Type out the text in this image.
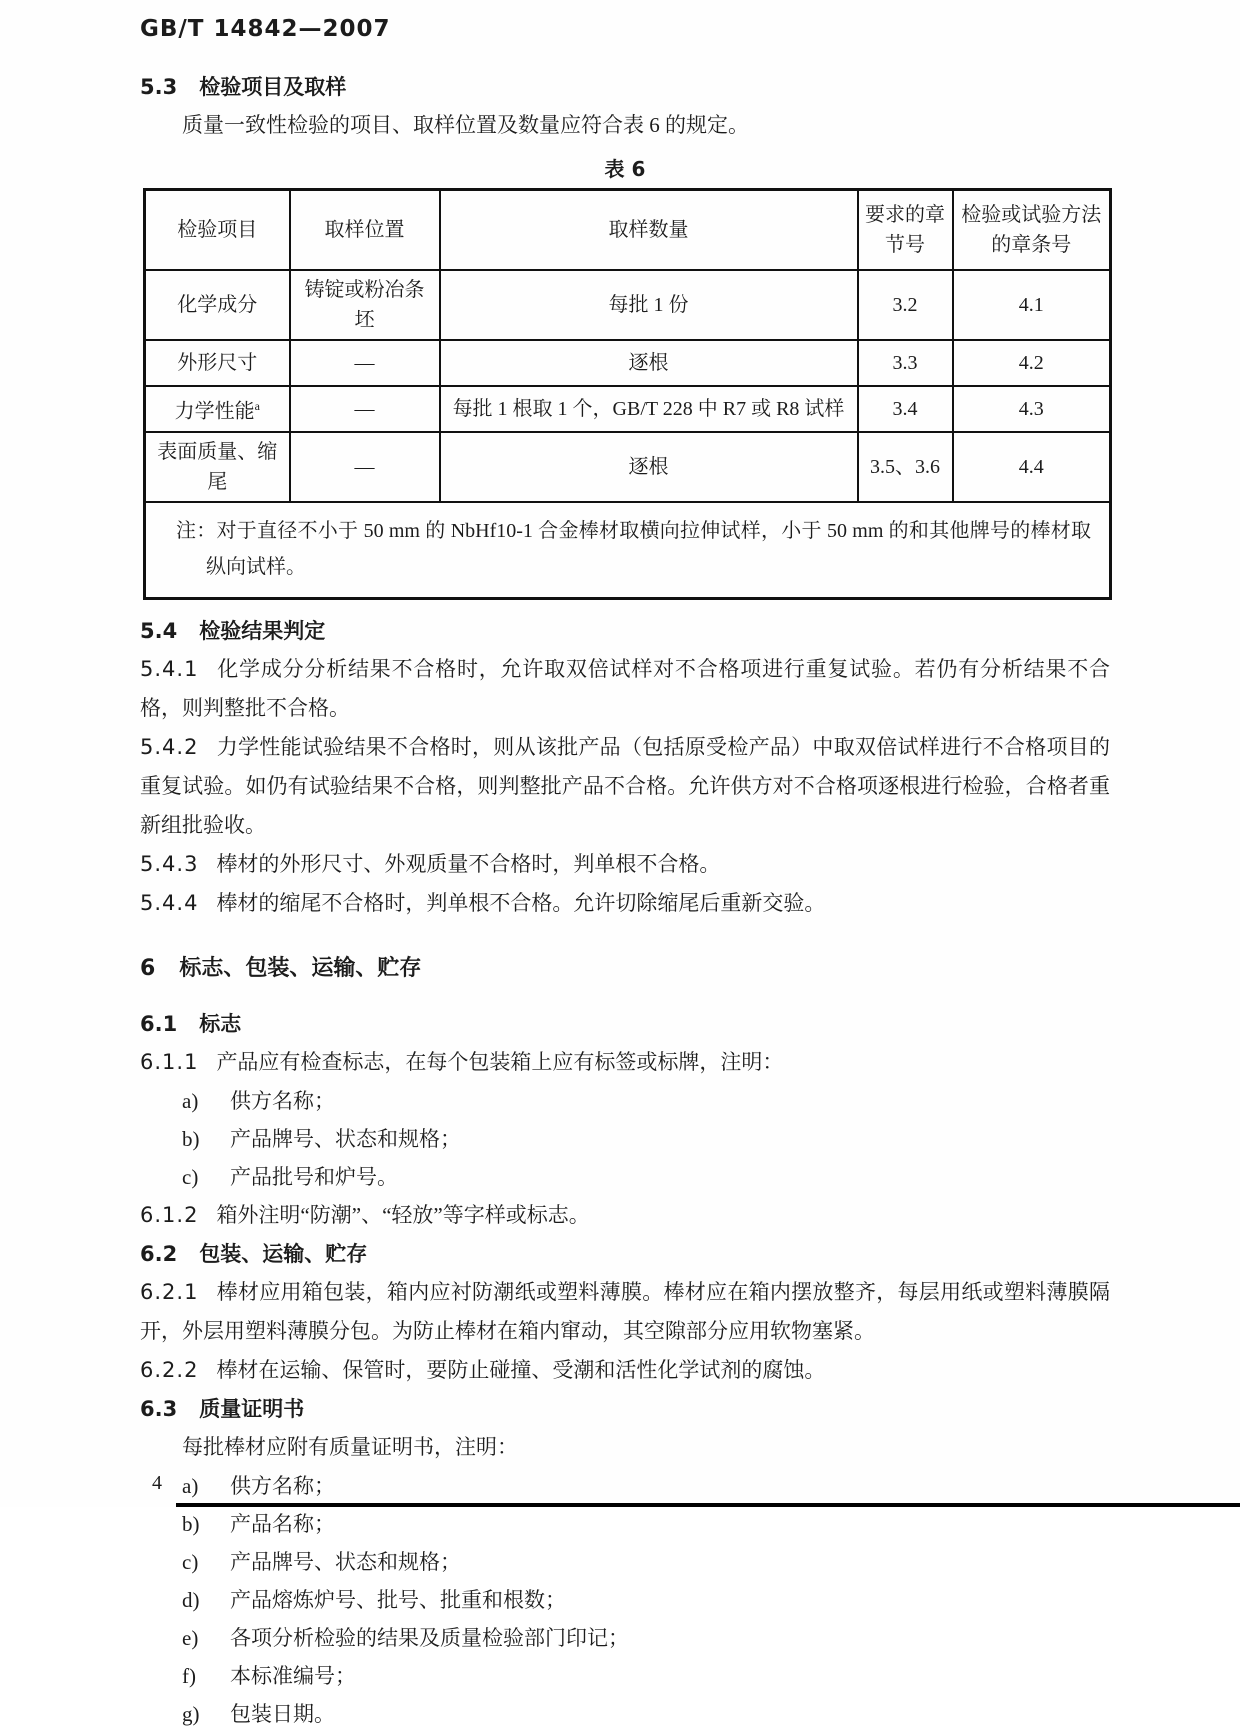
GB/T 14842—2007
5.3 检验项目及取样

质量一致性检验的项目、取样位置及数量应符合表 6 的规定。

表 6
检验项目	取样位置	取样数量	要求的章节号	检验或试验方法的章条号
化学成分	铸锭或粉冶条坯	每批 1 份	3.2	4.1
外形尺寸	—	逐根	3.3	4.2
力学性能$^a$	—	每批 1 根取 1 个，GB/T 228 中 R7 或 R8 试样	3.4	4.3
表面质量、缩尾	—	逐根	3.5、3.6	4.4

注：对于直径不小于 50 mm 的 NbHf10-1 合金棒材取横向拉伸试样，小于 50 mm 的和其他牌号的棒材取纵向试样。				
5.4 检验结果判定

5.4.1 化学成分分析结果不合格时，允许取双倍试样对不合格项进行重复试验。若仍有分析结果不合格，则判整批不合格。

5.4.2 力学性能试验结果不合格时，则从该批产品（包括原受检产品）中取双倍试样进行不合格项目的重复试验。如仍有试验结果不合格，则判整批产品不合格。允许供方对不合格项逐根进行检验，合格者重新组批验收。

5.4.3 棒材的外形尺寸、外观质量不合格时，判单根不合格。

5.4.4 棒材的缩尾不合格时，判单根不合格。允许切除缩尾后重新交验。

6 标志、包装、运输、贮存
6.1 标志

6.1.1 产品应有检查标志，在每个包装箱上应有标签或标牌，注明：

a) 供方名称；

b) 产品牌号、状态和规格；

c) 产品批号和炉号。

6.1.2 箱外注明“防潮”、“轻放”等字样或标志。

6.2 包装、运输、贮存

6.2.1 棒材应用箱包装，箱内应衬防潮纸或塑料薄膜。棒材应在箱内摆放整齐，每层用纸或塑料薄膜隔开，外层用塑料薄膜分包。为防止棒材在箱内窜动，其空隙部分应用软物塞紧。

6.2.2 棒材在运输、保管时，要防止碰撞、受潮和活性化学试剂的腐蚀。

6.3 质量证明书

每批棒材应附有质量证明书，注明：

a) 供方名称；

b) 产品名称；

c) 产品牌号、状态和规格；

d) 产品熔炼炉号、批号、批重和根数；

e) 各项分析检验的结果及质量检验部门印记；

f) 本标准编号；

g) 包装日期。

4
